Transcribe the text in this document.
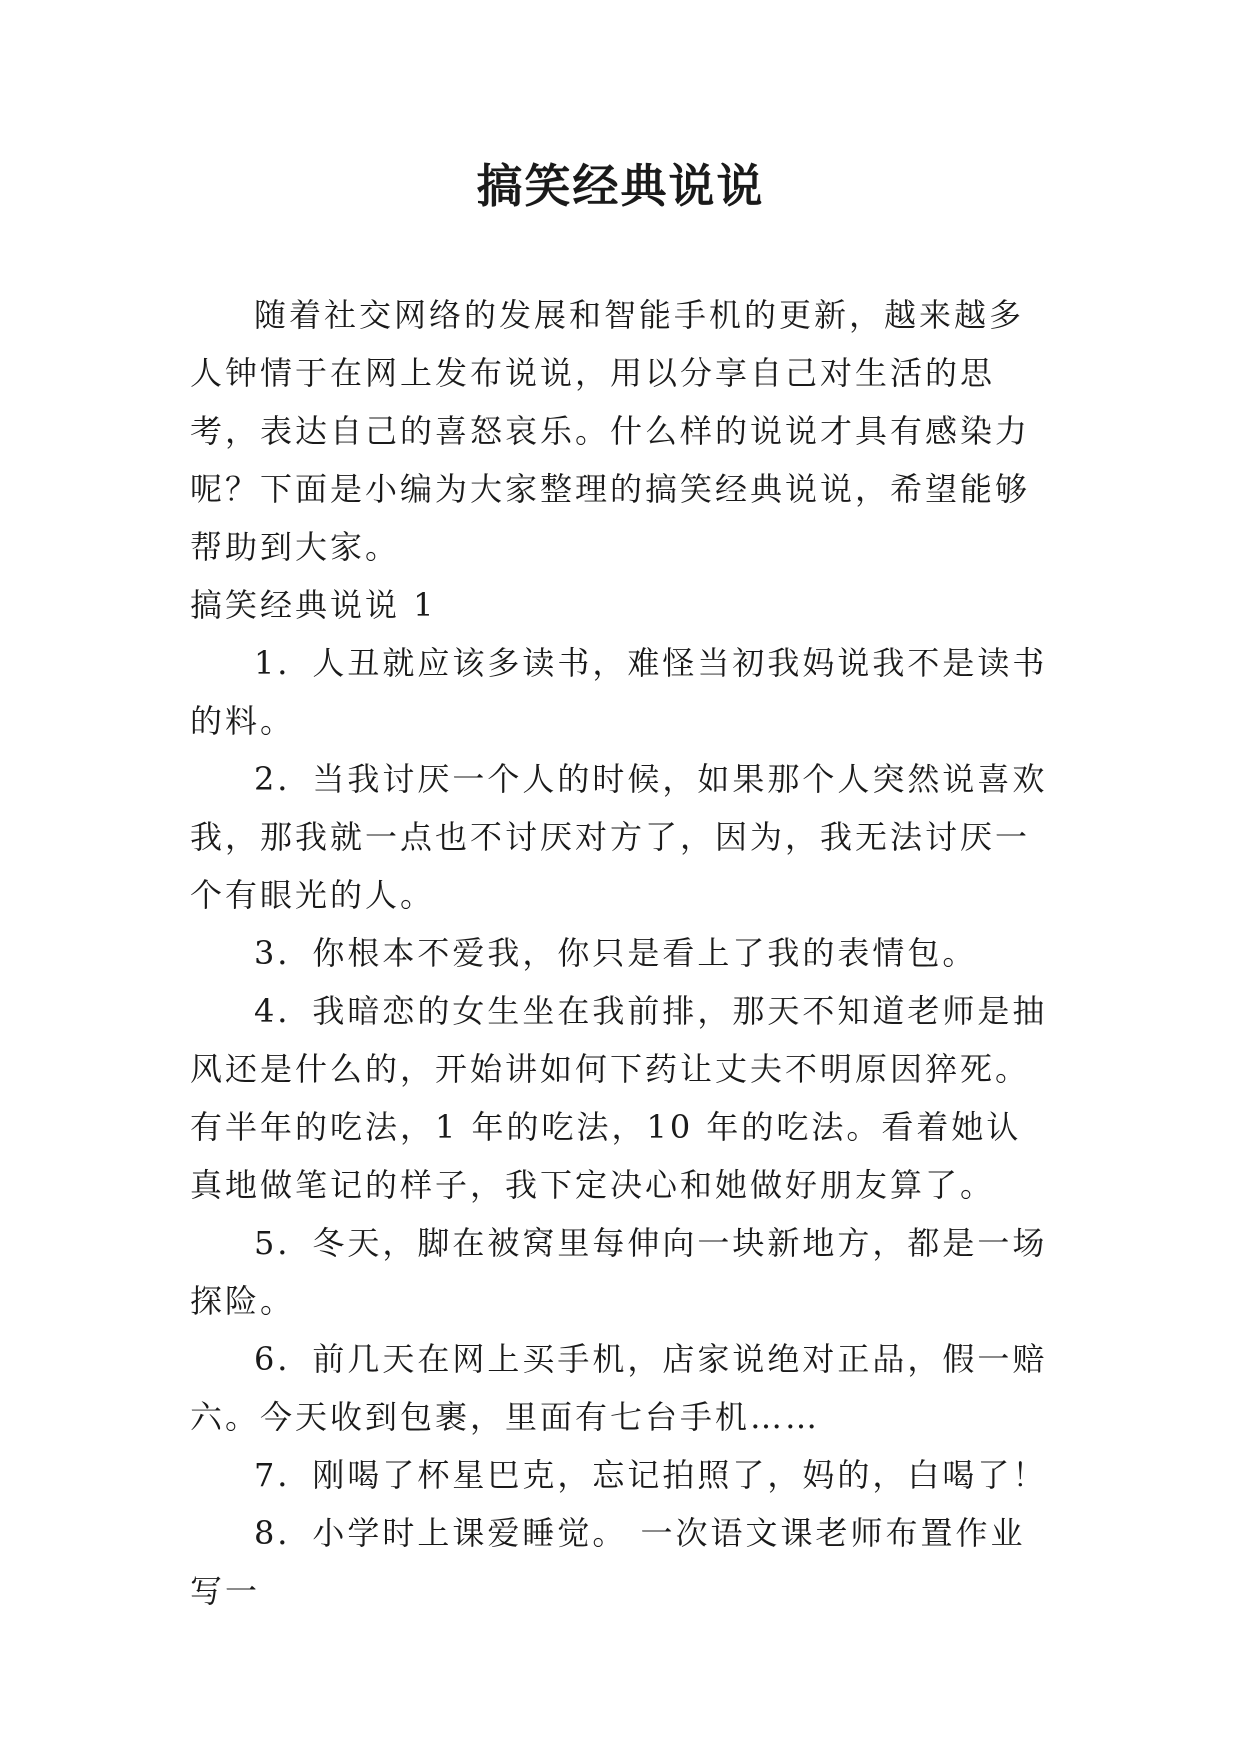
搞笑经典说说

随着社交网络的发展和智能手机的更新，越来越多人钟情于在网上发布说说，用以分享自己对生活的思考，表达自己的喜怒哀乐。什么样的说说才具有感染力呢？下面是小编为大家整理的搞笑经典说说，希望能够帮助到大家。

搞笑经典说说 1

1．人丑就应该多读书，难怪当初我妈说我不是读书的料。

2．当我讨厌一个人的时候，如果那个人突然说喜欢我，那我就一点也不讨厌对方了，因为，我无法讨厌一个有眼光的人。

3．你根本不爱我，你只是看上了我的表情包。

4．我暗恋的女生坐在我前排，那天不知道老师是抽风还是什么的，开始讲如何下药让丈夫不明原因猝死。有半年的吃法，1 年的吃法，10 年的吃法。看着她认真地做笔记的样子，我下定决心和她做好朋友算了。

5．冬天，脚在被窝里每伸向一块新地方，都是一场探险。

6．前几天在网上买手机，店家说绝对正品，假一赔六。今天收到包裹，里面有七台手机……

7．刚喝了杯星巴克，忘记拍照了，妈的，白喝了！

8．小学时上课爱睡觉。 一次语文课老师布置作业写一
